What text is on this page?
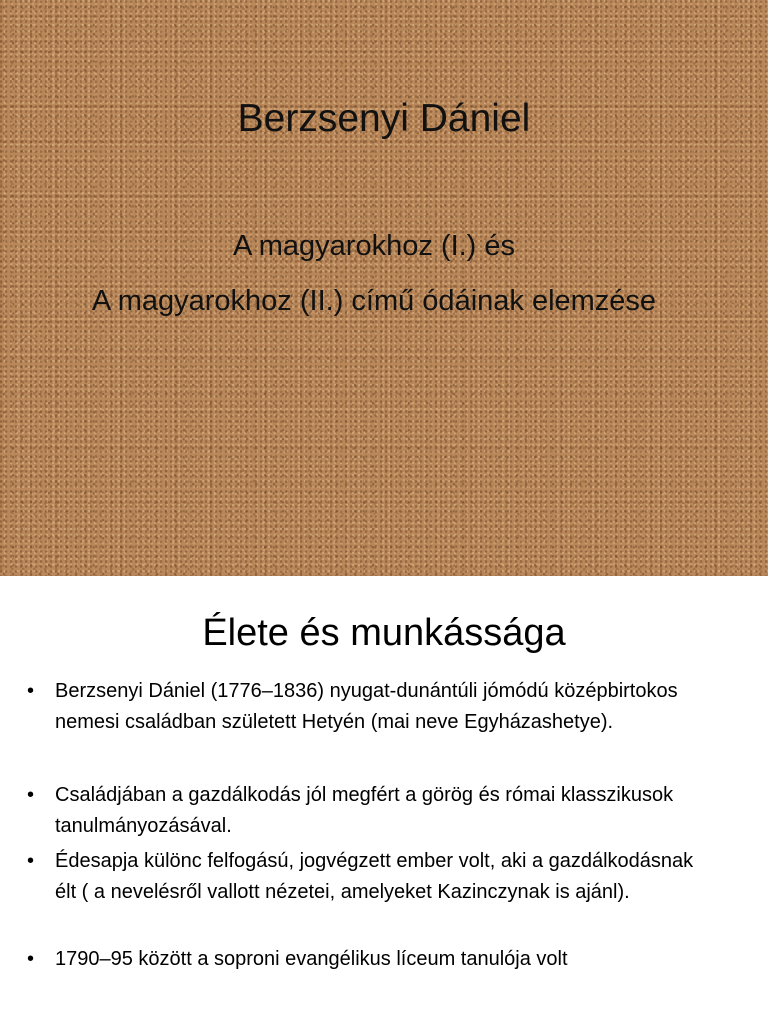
Berzsenyi Dániel
A magyarokhoz (I.) és
A magyarokhoz (II.) című ódáinak elemzése
Élete és munkássága
• Berzsenyi Dániel (1776–1836) nyugat-dunántúli jómódú középbirtokos nemesi családban született Hetyén (mai neve Egyházashetye).
• Családjában a gazdálkodás jól megfért a görög és római klasszikusok tanulmányozásával.
• Édesapja különc felfogású, jogvégzett ember volt, aki a gazdálkodásnak élt ( a nevelésről vallott nézetei, amelyeket Kazinczynak is ajánl).
• 1790–95 között a soproni evangélikus líceum tanulója volt
